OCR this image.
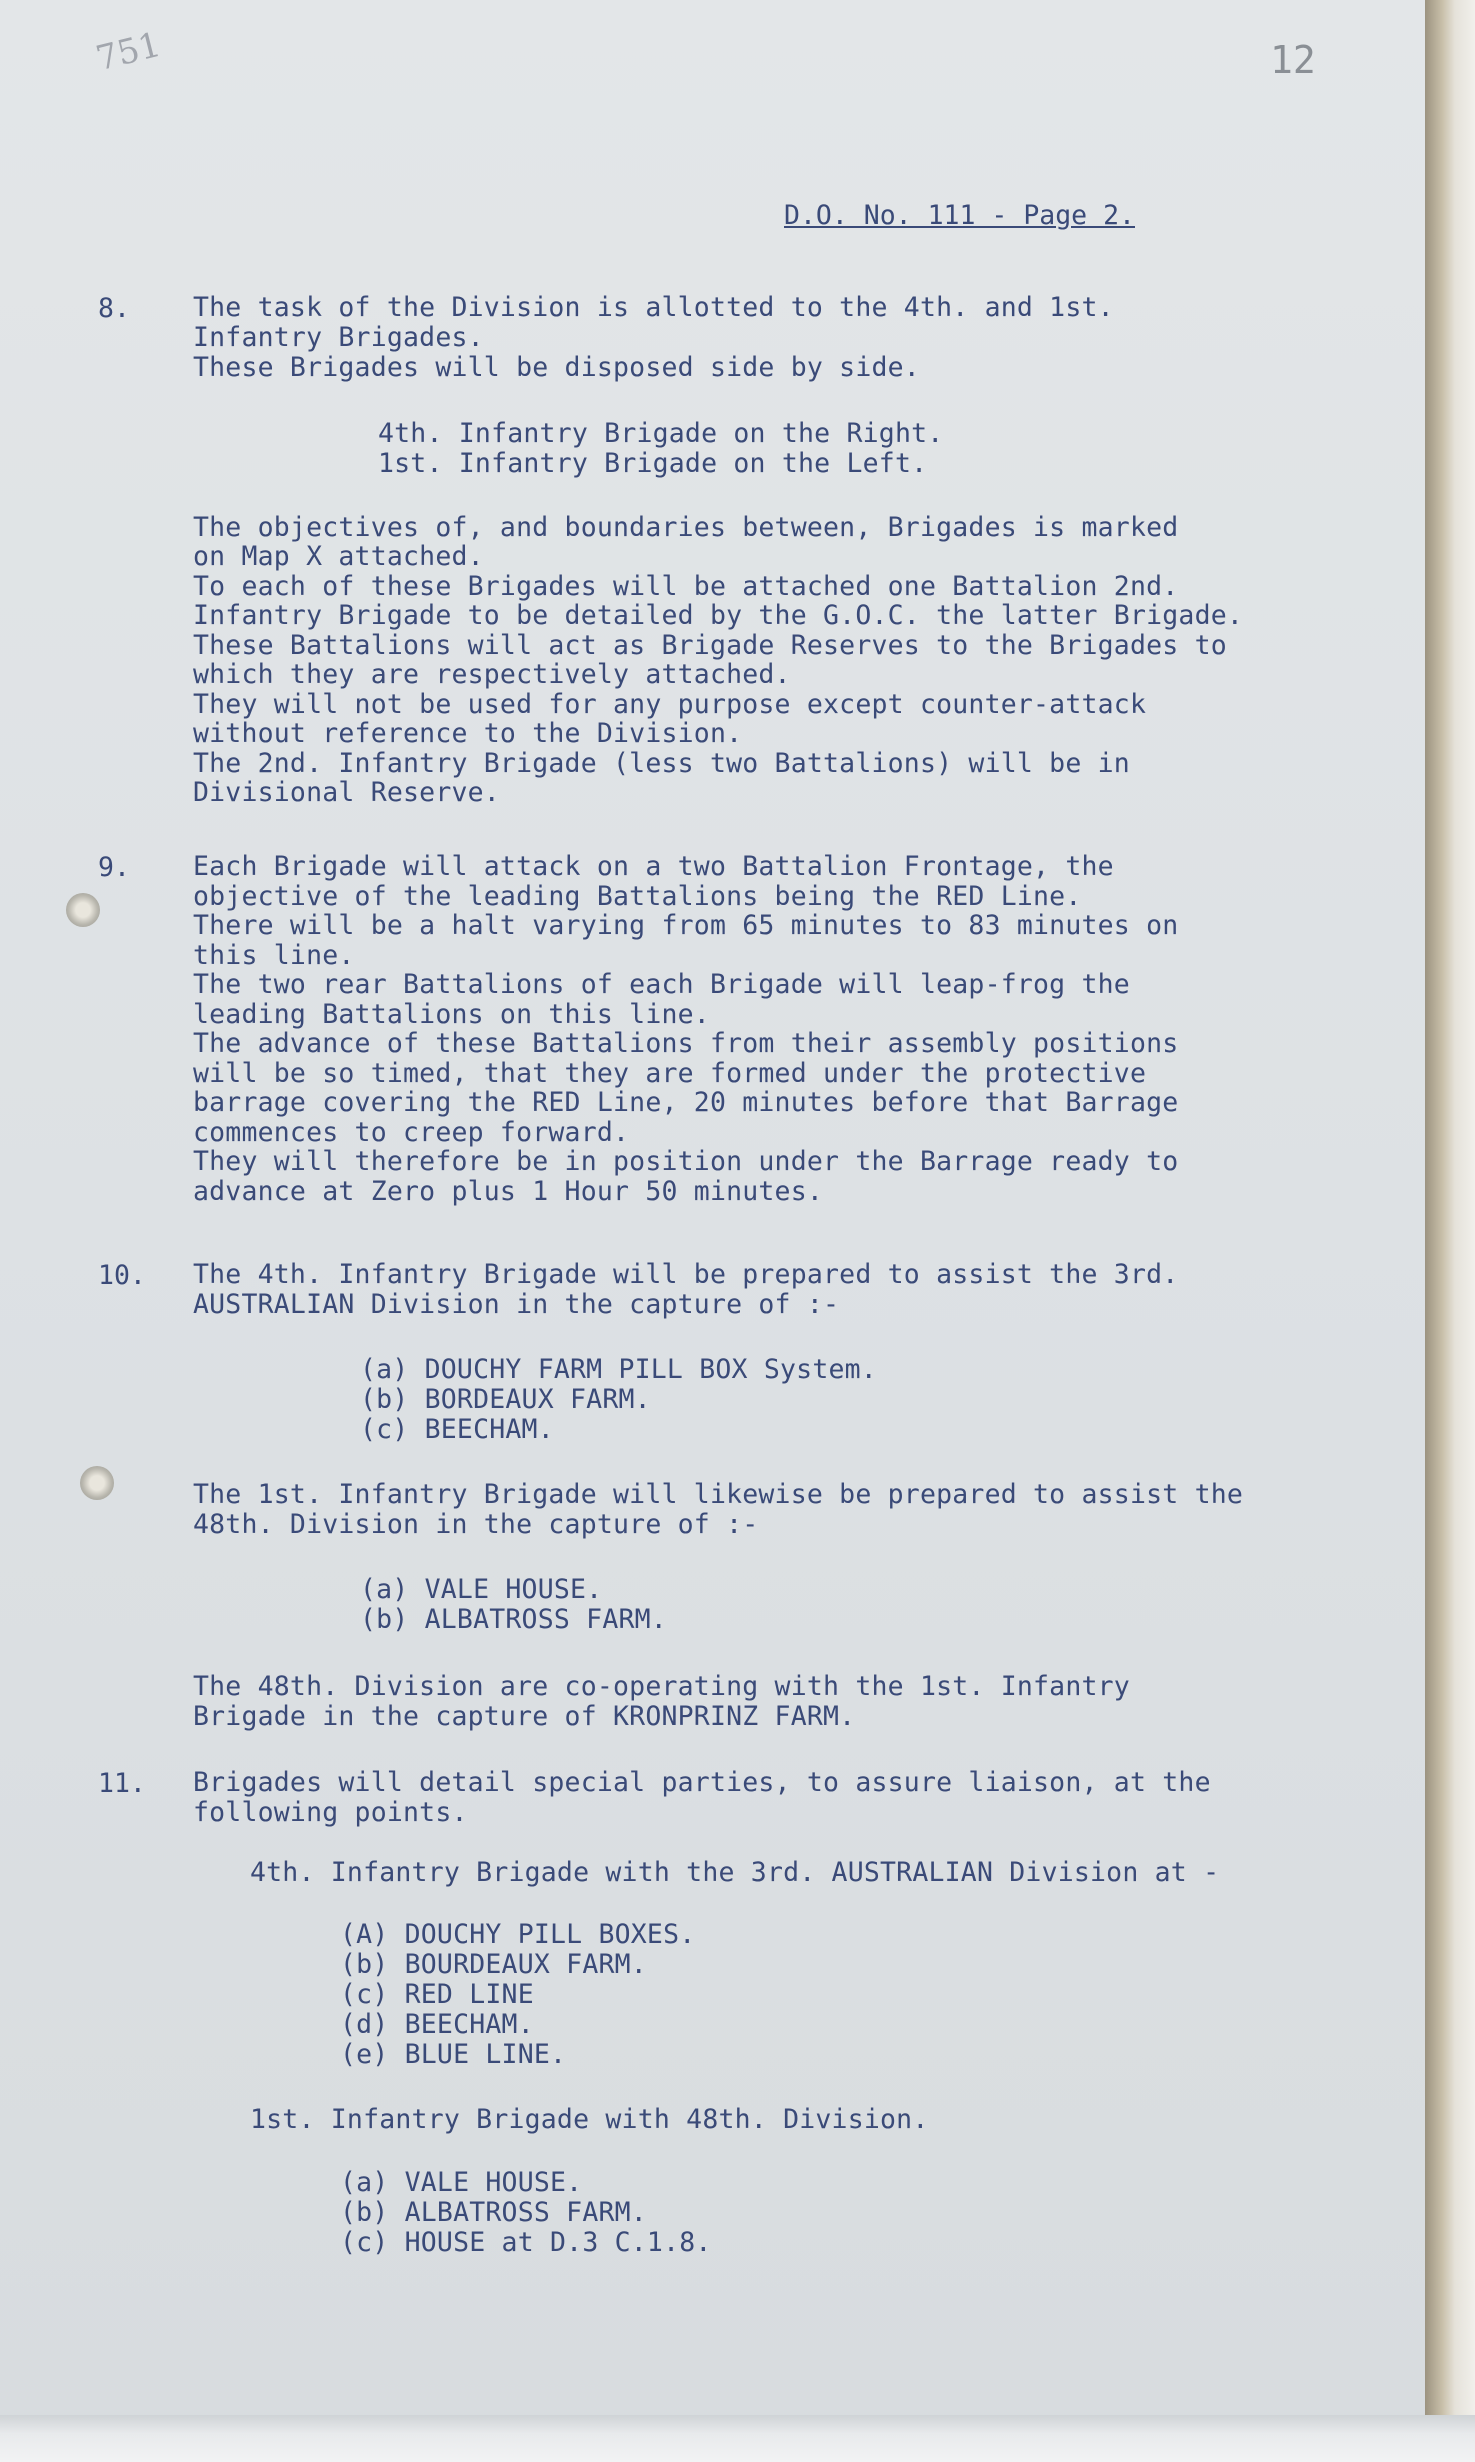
751	12
D.O. No. 111 - Page 2.
8. The task of the Division is allotted to the 4th. and 1st.
Infantry Brigades.
These Brigades will be disposed side by side.
4th. Infantry Brigade on the Right.
1st. Infantry Brigade on the Left.
The objectives of, and boundaries between, Brigades is marked
on Map X attached.
To each of these Brigades will be attached one Battalion 2nd.
Infantry Brigade to be detailed by the G.O.C. the latter Brigade.
These Battalions will act as Brigade Reserves to the Brigades to
which they are respectively attached.
They will not be used for any purpose except counter-attack
without reference to the Division.
The 2nd. Infantry Brigade (less two Battalions) will be in
Divisional Reserve.
9. Each Brigade will attack on a two Battalion Frontage, the
objective of the leading Battalions being the RED Line.
There will be a halt varying from 65 minutes to 83 minutes on
this line.
The two rear Battalions of each Brigade will leap-frog the
leading Battalions on this line.
The advance of these Battalions from their assembly positions
will be so timed, that they are formed under the protective
barrage covering the RED Line, 20 minutes before that Barrage
commences to creep forward.
They will therefore be in position under the Barrage ready to
advance at Zero plus 1 Hour 50 minutes.
10. The 4th. Infantry Brigade will be prepared to assist the 3rd.
AUSTRALIAN Division in the capture of :-
(a) DOUCHY FARM PILL BOX System.
(b) BORDEAUX FARM.
(c) BEECHAM.
The 1st. Infantry Brigade will likewise be prepared to assist the
48th. Division in the capture of :-
(a) VALE HOUSE.
(b) ALBATROSS FARM.
The 48th. Division are co-operating with the 1st. Infantry
Brigade in the capture of KRONPRINZ FARM.
11. Brigades will detail special parties, to assure liaison, at the
following points.
4th. Infantry Brigade with the 3rd. AUSTRALIAN Division at -
(A) DOUCHY PILL BOXES.
(b) BOURDEAUX FARM.
(c) RED LINE
(d) BEECHAM.
(e) BLUE LINE.
1st. Infantry Brigade with 48th. Division.
(a) VALE HOUSE.
(b) ALBATROSS FARM.
(c) HOUSE at D.3 C.1.8.
